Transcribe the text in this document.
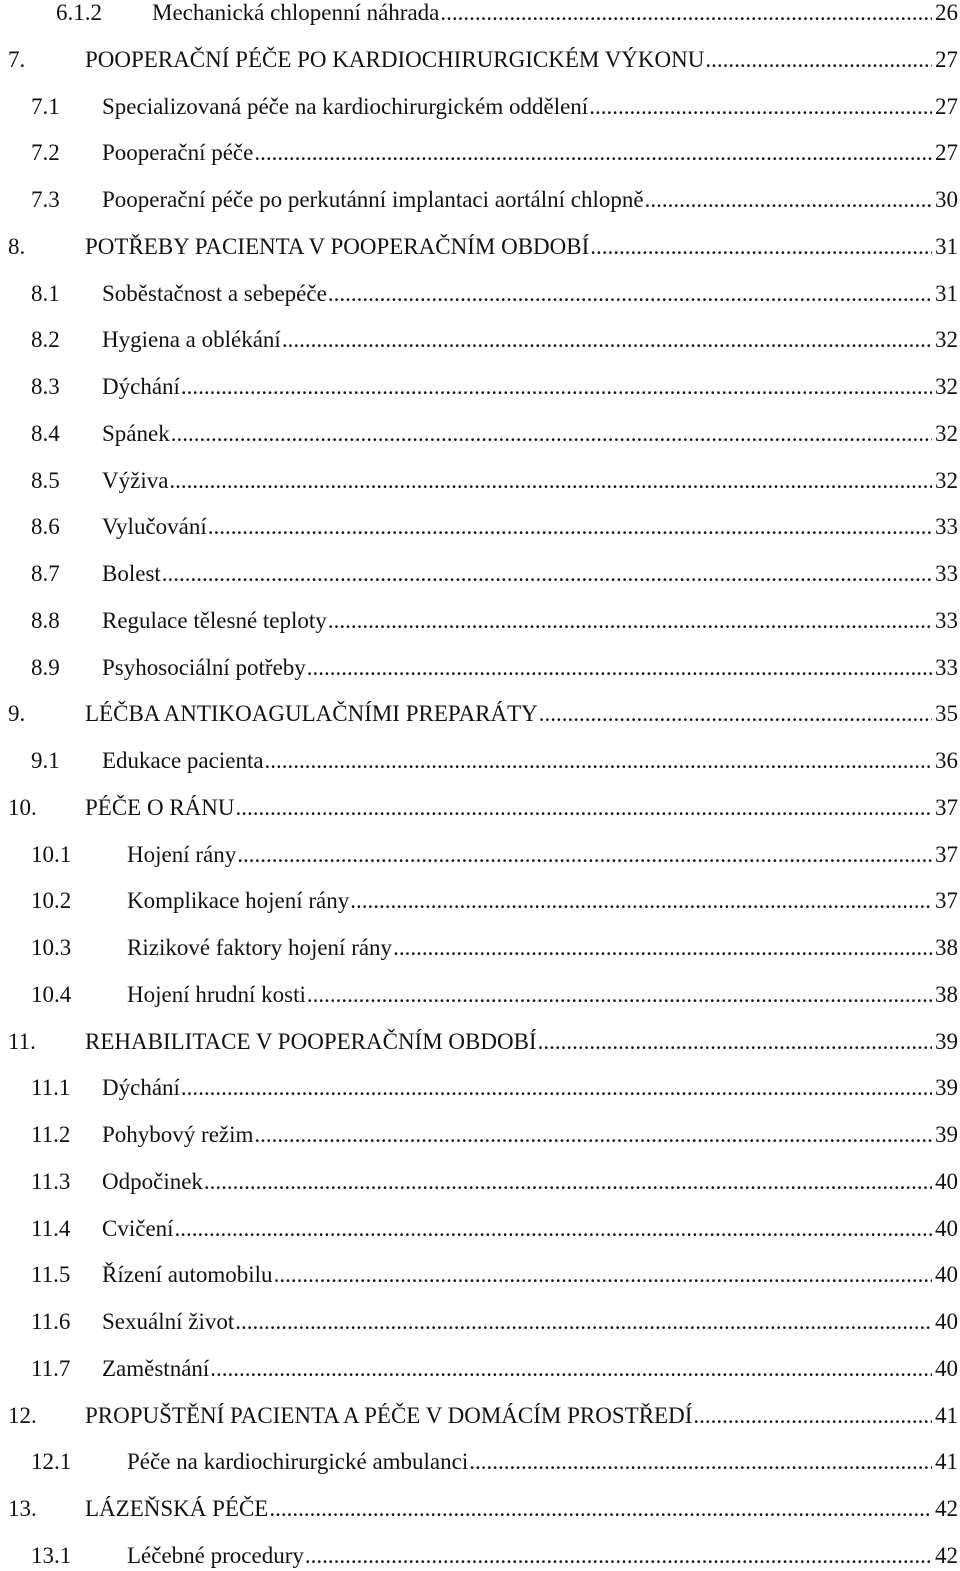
6.1.2 Mechanická chlopenní náhrada .....	26
7.	POOPERAČNÍ PÉČE PO KARDIOCHIRURGICKÉM VÝKONU .....	27
7.1 Specializovaná péče na kardiochirurgickém oddělení .....	27
7.2 Pooperační péče .....	27
7.3 Pooperační péče po perkutánní implantaci aortální chlopně .....	30
8.	POTŘEBY PACIENTA V POOPERAČNÍM OBDOBÍ .....	31
8.1 Soběstačnost a sebepéče .....	31
8.2 Hygiena a oblékání .....	32
8.3 Dýchání .....	32
8.4 Spánek .....	32
8.5 Výživa .....	32
8.6 Vylučování .....	33
8.7 Bolest .....	33
8.8 Regulace tělesné teploty .....	33
8.9 Psyhosociální potřeby .....	33
9.	LÉČBA ANTIKOAGULAČNÍMI PREPARÁTY .....	35
9.1 Edukace pacienta .....	36
10. PÉČE O RÁNU .....	37
10.1 Hojení rány .....	37
10.2 Komplikace hojení rány .....	37
10.3 Rizikové faktory hojení rány .....	38
10.4 Hojení hrudní kosti .....	38
11. REHABILITACE V POOPERAČNÍM OBDOBÍ .....	39
11.1 Dýchání .....	39
11.2 Pohybový režim .....	39
11.3 Odpočinek .....	40
11.4 Cvičení .....	40
11.5 Řízení automobilu .....	40
11.6 Sexuální život .....	40
11.7 Zaměstnání .....	40
12. PROPUŠTĚNÍ PACIENTA A PÉČE V DOMÁCÍM PROSTŘEDÍ .....	41
12.1 Péče na kardiochirurgické ambulanci .....	41
13. LÁZEŇSKÁ PÉČE .....	42
13.1 Léčebné procedury .....	42
